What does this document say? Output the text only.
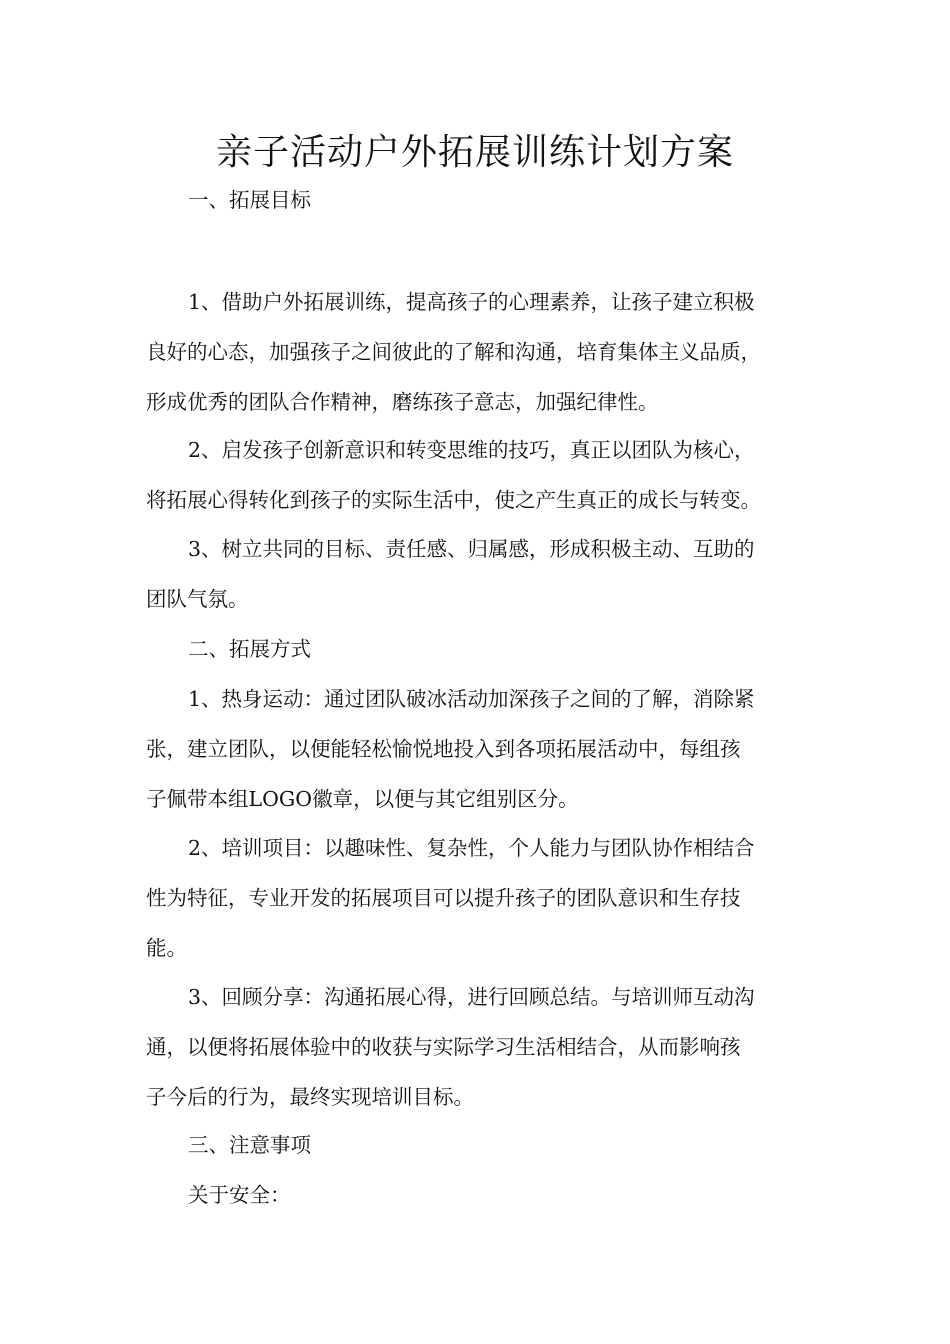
亲子活动户外拓展训练计划方案

一、拓展目标

1、借助户外拓展训练，提高孩子的心理素养，让孩子建立积极
良好的心态，加强孩子之间彼此的了解和沟通，培育集体主义品质，
形成优秀的团队合作精神，磨练孩子意志，加强纪律性。
2、启发孩子创新意识和转变思维的技巧，真正以团队为核心，
将拓展心得转化到孩子的实际生活中，使之产生真正的成长与转变。
3、树立共同的目标、责任感、归属感，形成积极主动、互助的
团队气氛。

二、拓展方式

1、热身运动：通过团队破冰活动加深孩子之间的了解，消除紧
张，建立团队，以便能轻松愉悦地投入到各项拓展活动中，每组孩
子佩带本组LOGO徽章，以便与其它组别区分。
2、培训项目：以趣味性、复杂性，个人能力与团队协作相结合
性为特征，专业开发的拓展项目可以提升孩子的团队意识和生存技
能。
3、回顾分享：沟通拓展心得，进行回顾总结。与培训师互动沟
通，以便将拓展体验中的收获与实际学习生活相结合，从而影响孩
子今后的行为，最终实现培训目标。

三、注意事项

关于安全：
